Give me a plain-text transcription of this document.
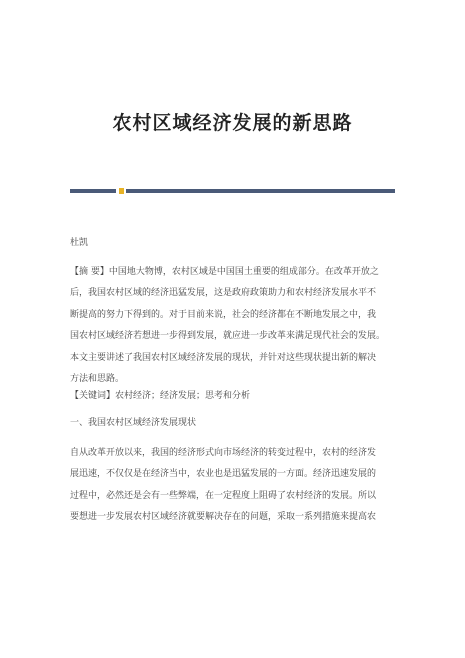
农村区域经济发展的新思路
杜凯
【摘 要】中国地大物博，农村区域是中国国土重要的组成部分。在改革开放之
后，我国农村区域的经济迅猛发展，这是政府政策助力和农村经济发展水平不
断提高的努力下得到的。对于目前来说，社会的经济都在不断地发展之中，我
国农村区域经济若想进一步得到发展，就应进一步改革来满足现代社会的发展。
本文主要讲述了我国农村区域经济发展的现状，并针对这些现状提出新的解决
方法和思路。
【关键词】农村经济；经济发展；思考和分析
一、我国农村区域经济发展现状
自从改革开放以来，我国的经济形式向市场经济的转变过程中，农村的经济发
展迅速，不仅仅是在经济当中，农业也是迅猛发展的一方面。经济迅速发展的
过程中，必然还是会有一些弊端，在一定程度上阻碍了农村经济的发展。所以
要想进一步发展农村区域经济就要解决存在的问题，采取一系列措施来提高农
